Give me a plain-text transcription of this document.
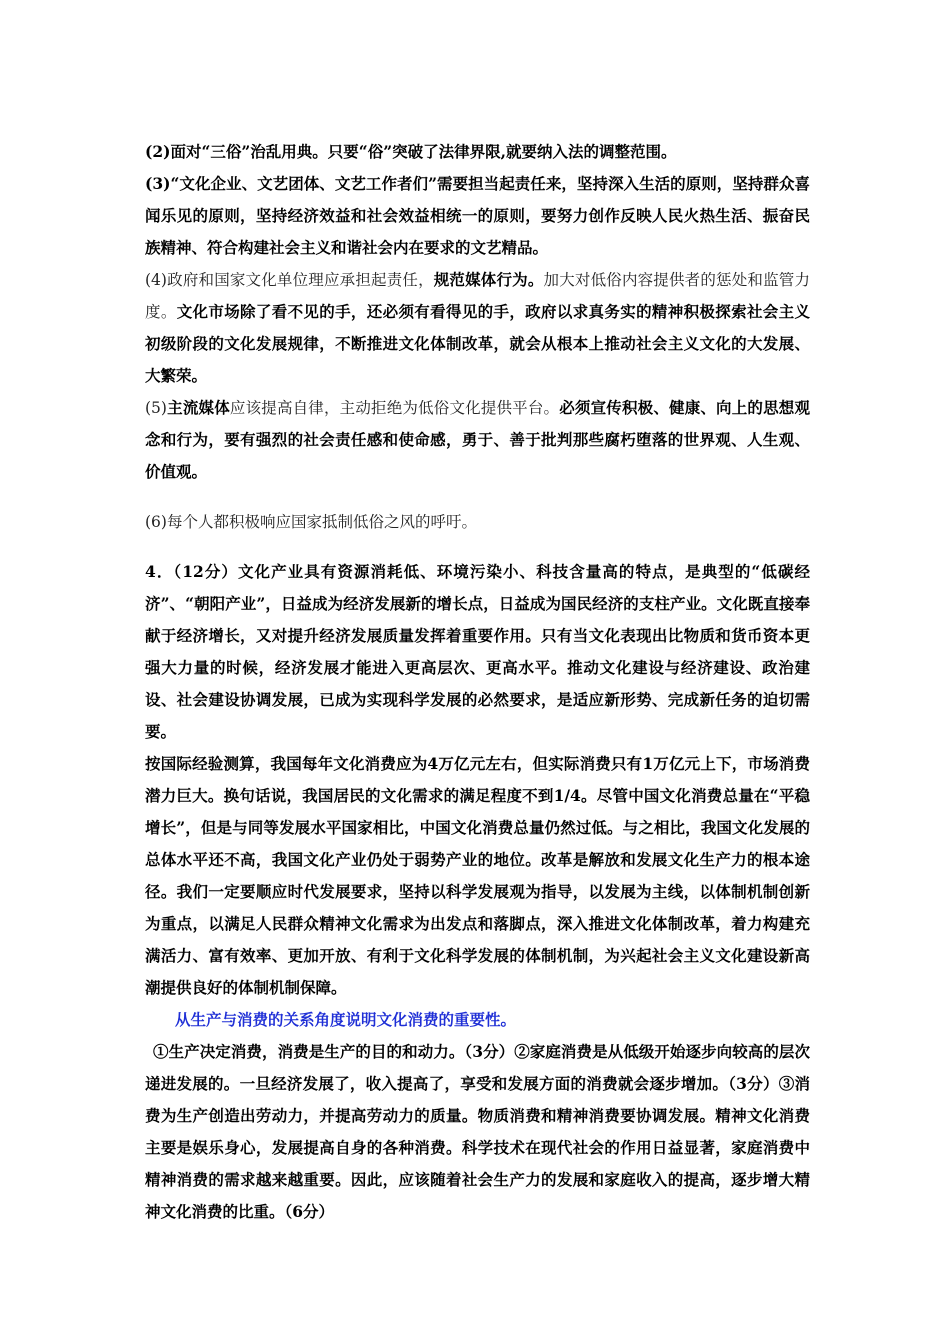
(2)面对“三俗”治乱用典。只要“俗”突破了法律界限,就要纳入法的调整范围。

(3)“文化企业、文艺团体、文艺工作者们”需要担当起责任来，坚持深入生活的原则，坚持群众喜闻乐见的原则，坚持经济效益和社会效益相统一的原则，要努力创作反映人民火热生活、振奋民族精神、符合构建社会主义和谐社会内在要求的文艺精品。

(4)政府和国家文化单位理应承担起责任，规范媒体行为。加大对低俗内容提供者的惩处和监管力度。文化市场除了看不见的手，还必须有看得见的手，政府以求真务实的精神积极探索社会主义初级阶段的文化发展规律，不断推进文化体制改革，就会从根本上推动社会主义文化的大发展、大繁荣。

(5)主流媒体应该提高自律，主动拒绝为低俗文化提供平台。必须宣传积极、健康、向上的思想观念和行为，要有强烈的社会责任感和使命感，勇于、善于批判那些腐朽堕落的世界观、人生观、价值观。

(6)每个人都积极响应国家抵制低俗之风的呼吁。

4．（12分）文化产业具有资源消耗低、环境污染小、科技含量高的特点，是典型的“低碳经济”、“朝阳产业”，日益成为经济发展新的增长点，日益成为国民经济的支柱产业。文化既直接奉献于经济增长，又对提升经济发展质量发挥着重要作用。只有当文化表现出比物质和货币资本更强大力量的时候，经济发展才能进入更高层次、更高水平。推动文化建设与经济建设、政治建设、社会建设协调发展，已成为实现科学发展的必然要求，是适应新形势、完成新任务的迫切需要。

按国际经验测算，我国每年文化消费应为4万亿元左右，但实际消费只有1万亿元上下，市场消费潜力巨大。换句话说，我国居民的文化需求的满足程度不到1/4。尽管中国文化消费总量在“平稳增长”，但是与同等发展水平国家相比，中国文化消费总量仍然过低。与之相比，我国文化发展的总体水平还不高，我国文化产业仍处于弱势产业的地位。改革是解放和发展文化生产力的根本途径。我们一定要顺应时代发展要求，坚持以科学发展观为指导，以发展为主线，以体制机制创新为重点，以满足人民群众精神文化需求为出发点和落脚点，深入推进文化体制改革，着力构建充满活力、富有效率、更加开放、有利于文化科学发展的体制机制，为兴起社会主义文化建设新高潮提供良好的体制机制保障。

从生产与消费的关系角度说明文化消费的重要性。

①生产决定消费，消费是生产的目的和动力。（3分）②家庭消费是从低级开始逐步向较高的层次递进发展的。一旦经济发展了，收入提高了，享受和发展方面的消费就会逐步增加。（3分）③消费为生产创造出劳动力，并提高劳动力的质量。物质消费和精神消费要协调发展。精神文化消费主要是娱乐身心，发展提高自身的各种消费。科学技术在现代社会的作用日益显著，家庭消费中精神消费的需求越来越重要。因此，应该随着社会生产力的发展和家庭收入的提高，逐步增大精神文化消费的比重。（6分）
